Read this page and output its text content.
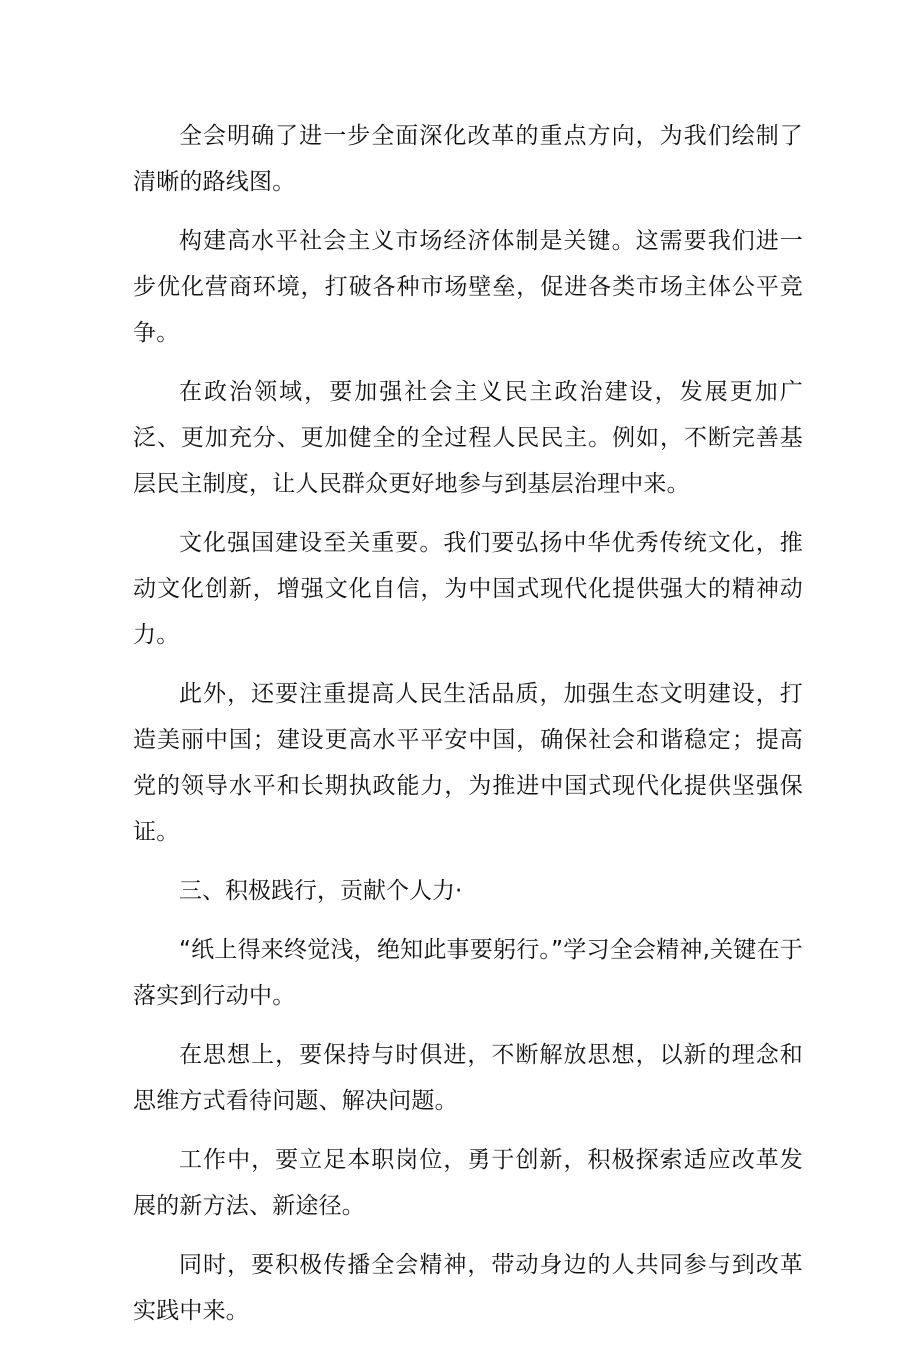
全会明确了进一步全面深化改革的重点方向，为我们绘制了清晰的路线图。

构建高水平社会主义市场经济体制是关键。这需要我们进一步优化营商环境，打破各种市场壁垒，促进各类市场主体公平竞争。

在政治领域，要加强社会主义民主政治建设，发展更加广泛、更加充分、更加健全的全过程人民民主。例如，不断完善基层民主制度，让人民群众更好地参与到基层治理中来。

文化强国建设至关重要。我们要弘扬中华优秀传统文化，推动文化创新，增强文化自信，为中国式现代化提供强大的精神动力。

此外，还要注重提高人民生活品质，加强生态文明建设，打造美丽中国；建设更高水平平安中国，确保社会和谐稳定；提高党的领导水平和长期执政能力，为推进中国式现代化提供坚强保证。

三、积极践行，贡献个人力·

“纸上得来终觉浅，绝知此事要躬行。”学习全会精神,关键在于落实到行动中。

在思想上，要保持与时俱进，不断解放思想，以新的理念和思维方式看待问题、解决问题。

工作中，要立足本职岗位，勇于创新，积极探索适应改革发展的新方法、新途径。

同时，要积极传播全会精神，带动身边的人共同参与到改革实践中来。
